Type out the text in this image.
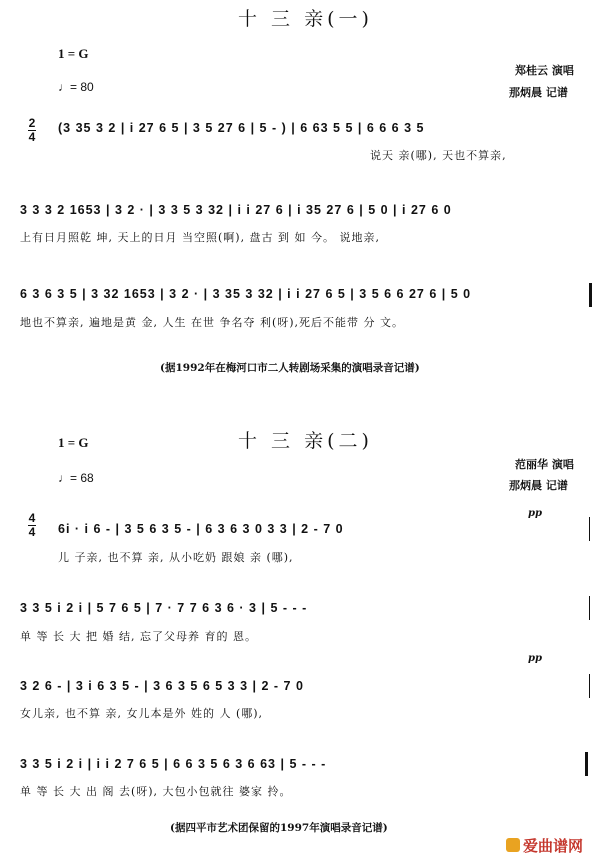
十 三 亲(一)
1 = G
♩= 80
郑桂云 演唱
那炳晨 记谱
2
4
(3 35 3 2 | i 27 6 5 | 3 5 27 6 | 5 - ) | 6 63 5 5 | 6 6 6 3 5
说天 亲(哪), 天也不算亲,
3 3 3 2 1653 | 3 2 · | 3 3 5 3 32 | i i 27 6 | i 35 27 6 | 5 0 | i 27 6 0
上有日月照乾 坤, 天上的日月 当空照(啊), 盘古 到 如 今。 说地亲,
6 3 6 3 5 | 3 32 1653 | 3 2 · | 3 35 3 32 | i i 27 6 5 | 3 5 6 6 27 6 | 5 0
地也不算亲, 遍地是黄 金, 人生 在世 争名夺 利(呀),死后不能带 分 文。
(据1992年在梅河口市二人转剧场采集的演唱录音记谱)
十 三 亲(二)
1 = G
♩= 68
范丽华 演唱
那炳晨 记谱
4
4
pp
6i · i 6 - | 3 5 6 3 5 - | 6 3 6 3 0 3 3 | 2 - 7 0
儿 子亲, 也不算 亲, 从小吃奶 跟娘 亲 (哪),
3 3 5 i 2 i | 5 7 6 5 | 7 · 7 7 6 3 6 · 3 | 5 - - -
单 等 长 大 把 婚 结, 忘了父母养 育的 恩。
pp
3 2 6 - | 3 i 6 3 5 - | 3 6 3 5 6 5 3 3 | 2 - 7 0
女儿亲, 也不算 亲, 女儿本是外 姓的 人 (哪),
3 3 5 i 2 i | i i 2 7 6 5 | 6 6 3 5 6 3 6 63 | 5 - - -
单 等 长 大 出 阁 去(呀), 大包小包就往 婆家 拎。
(据四平市艺术团保留的1997年演唱录音记谱)
爱曲谱网
